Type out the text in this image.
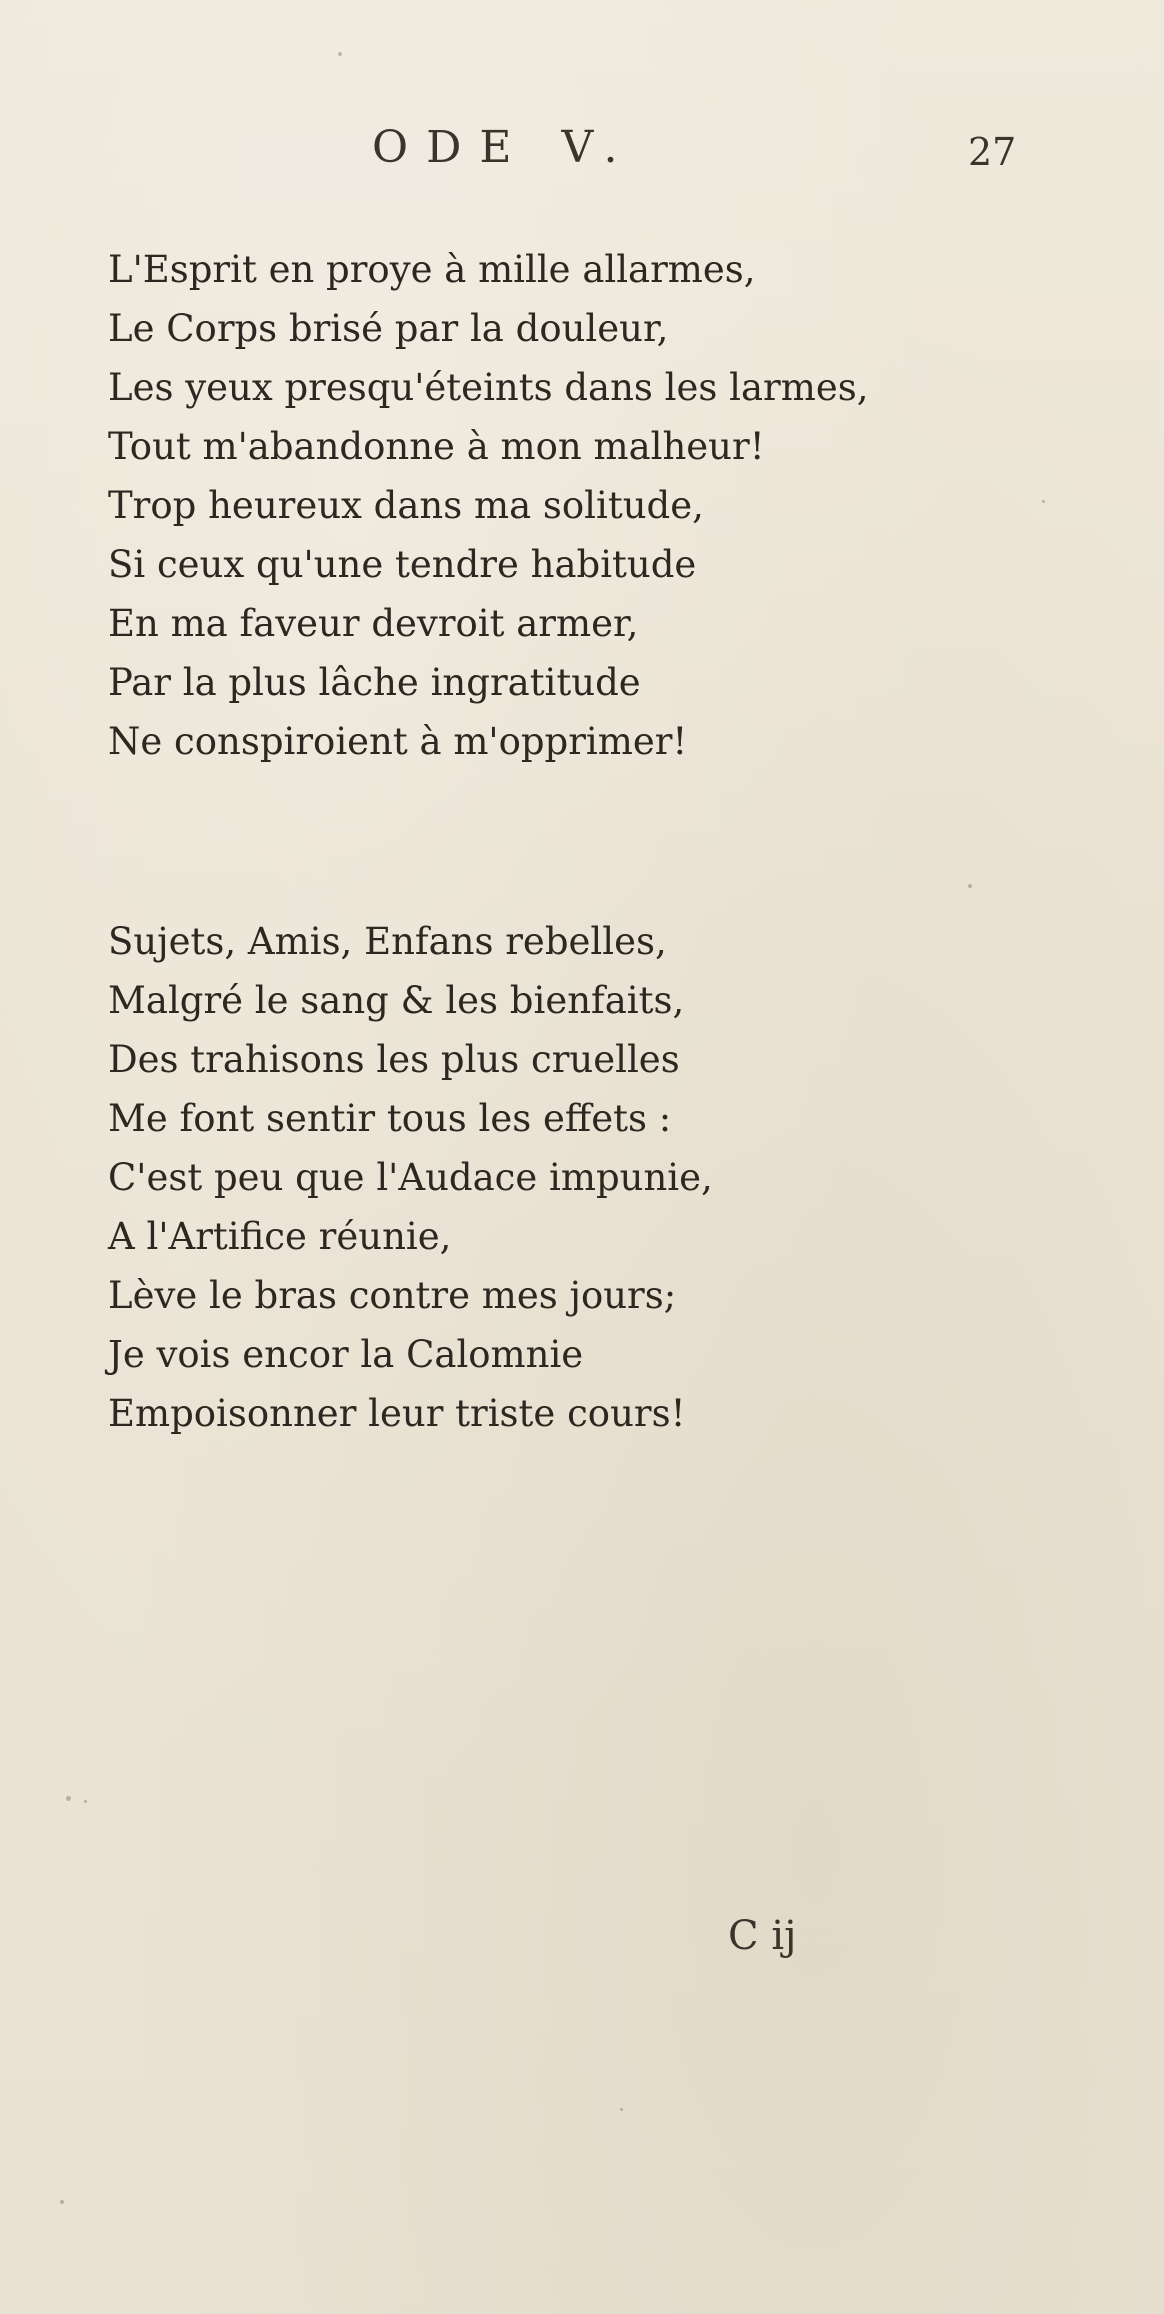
ODE V.	27
L'Esprit en proye à mille allarmes,
Le Corps brisé par la douleur,
Les yeux presqu'éteints dans les larmes,
Tout m'abandonne à mon malheur!
Trop heureux dans ma solitude,
Si ceux qu'une tendre habitude
En ma faveur devroit armer,
Par la plus lâche ingratitude
Ne conspiroient à m'opprimer!
Sujets, Amis, Enfans rebelles,
Malgré le sang & les bienfaits,
Des trahisons les plus cruelles
Me font sentir tous les effets :
C'est peu que l'Audace impunie,
A l'Artifice réunie,
Lève le bras contre mes jours;
Je vois encor la Calomnie
Empoisonner leur triste cours!
C ij
